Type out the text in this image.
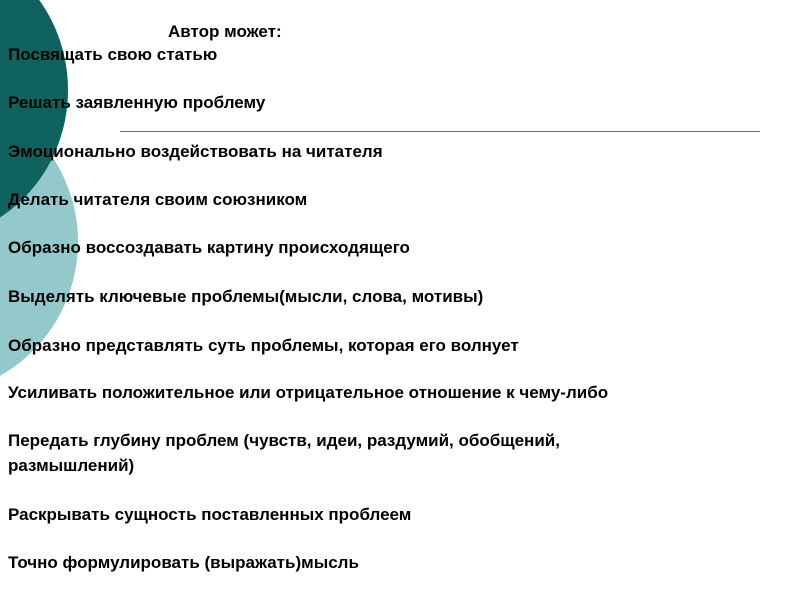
Автор может:
Посвящать свою статью
Решать заявленную проблему
Эмоционально воздействовать на читателя
Делать читателя своим союзником
Образно воссоздавать картину происходящего
Выделять ключевые проблемы(мысли, слова, мотивы)
Образно представлять суть проблемы, которая его волнует
Усиливать положительное или отрицательное отношение к чему-либо
Передать глубину проблем (чувств, идеи, раздумий, обобщений,
размышлений)
Раскрывать сущность поставленных проблеем
Точно формулировать (выражать)мысль
